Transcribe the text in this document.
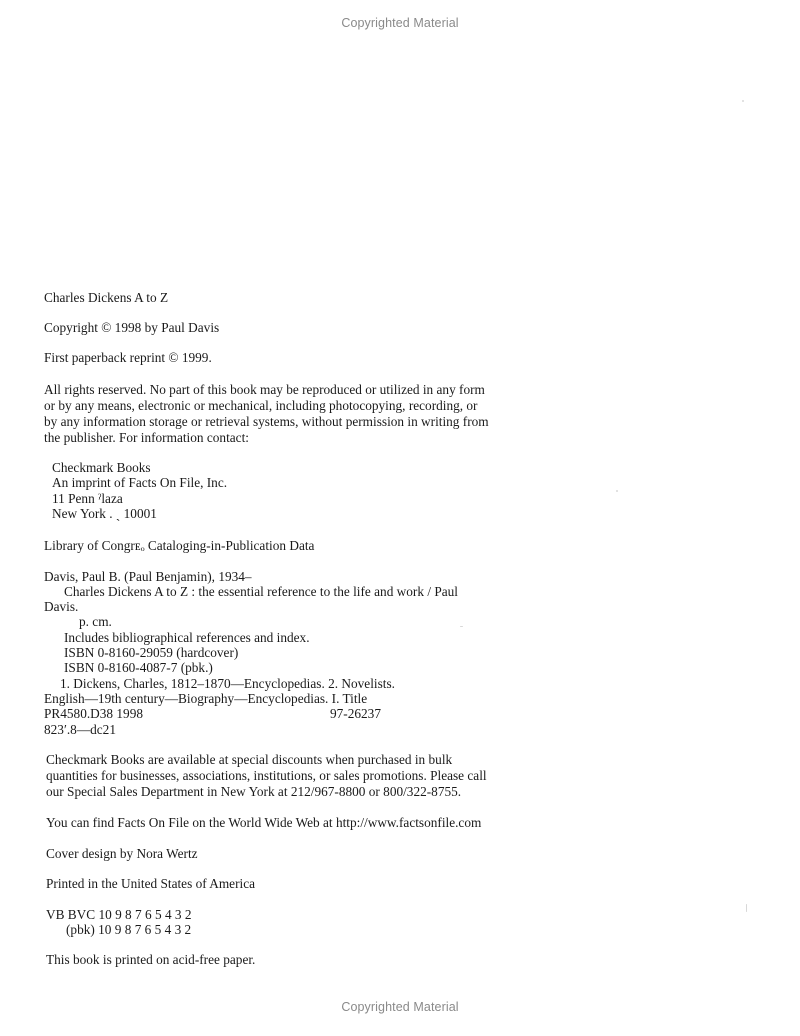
Copyrighted Material
Charles Dickens A to Z
Copyright © 1998 by Paul Davis
First paperback reprint © 1999.
All rights reserved. No part of this book may be reproduced or utilized in any form
or by any means, electronic or mechanical, including photocopying, recording, or
by any information storage or retrieval systems, without permission in writing from
the publisher. For information contact:
Checkmark Books
An imprint of Facts On File, Inc.
11 Penn ˀlaza
New York . ˎ 10001
Library of Congrᴇₒ Cataloging-in-Publication Data
Davis, Paul B. (Paul Benjamin), 1934–
Charles Dickens A to Z : the essential reference to the life and work / Paul
Davis.
p. cm.
Includes bibliographical references and index.
ISBN 0-8160-29059 (hardcover)
ISBN 0-8160-4087-7 (pbk.)
1. Dickens, Charles, 1812–1870—Encyclopedias. 2. Novelists.
English—19th century—Biography—Encyclopedias. I. Title
PR4580.D38 1998	97-26237
823′.8—dc21
Checkmark Books are available at special discounts when purchased in bulk
quantities for businesses, associations, institutions, or sales promotions. Please call
our Special Sales Department in New York at 212/967-8800 or 800/322-8755.
You can find Facts On File on the World Wide Web at http://www.factsonfile.com
Cover design by Nora Wertz
Printed in the United States of America
VB BVC 10 9 8 7 6 5 4 3 2
(pbk) 10 9 8 7 6 5 4 3 2
This book is printed on acid-free paper.
Copyrighted Material
